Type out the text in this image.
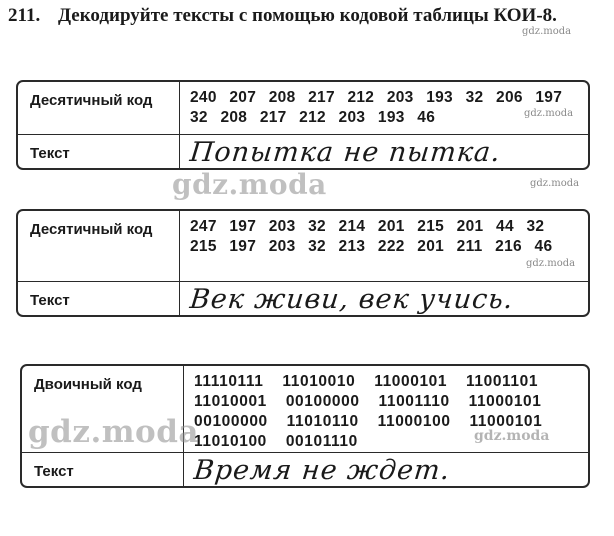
211. Декодируйте тексты с помощью кодовой таблицы КОИ-8.
Десятичный код 240 207 208 217 212 203 193 32 206 197 32 208 217 212 203 193 46
Текст	Попытка не пытка.
Десятичный код 247 197 203 32 214 201 215 201 44 32 215 197 203 32 213 222 201 211 216 46
Текст	Век живи, век учись.
Двоичный код	11110111 11010010 11000101 11001101 11010001 00100000 11001110 11000101 00100000 11010110 11000100 11000101 11010100 00101110
Текст	Время не ждет.
gdz.moda
gdz.moda
gdz.moda
gdz.moda
gdz.moda
gdz.moda
gdz.moda
